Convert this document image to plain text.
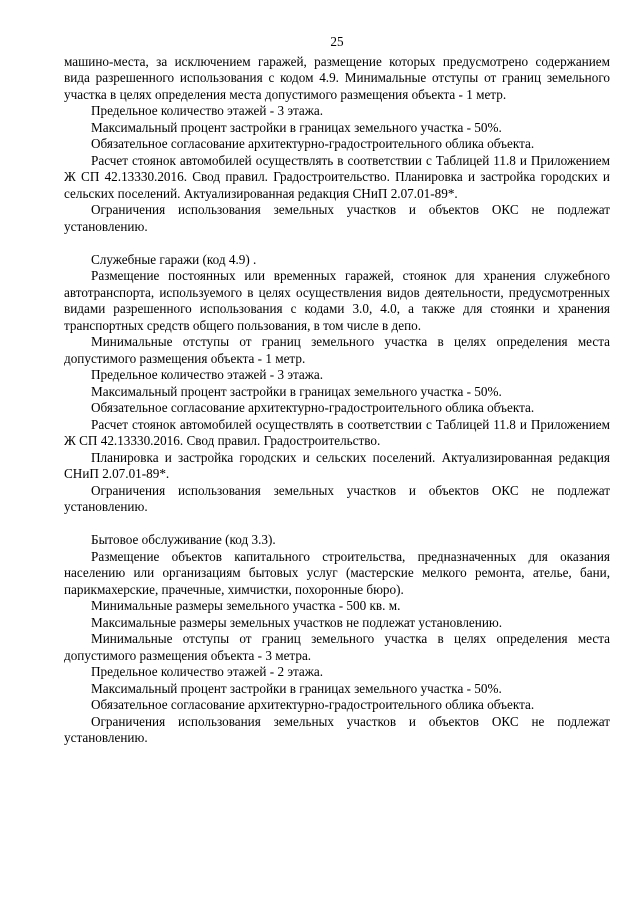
25

машино-места, за исключением гаражей, размещение которых предусмотрено содержанием вида разрешенного использования с кодом 4.9. Минимальные отступы от границ земельного участка в целях определения места допустимого размещения объекта - 1 метр.

Предельное количество этажей - 3 этажа.

Максимальный процент застройки в границах земельного участка - 50%.

Обязательное согласование архитектурно-градостроительного облика объекта.

Расчет стоянок автомобилей осуществлять в соответствии с Таблицей 11.8 и Приложением Ж СП 42.13330.2016. Свод правил. Градостроительство. Планировка и застройка городских и сельских поселений. Актуализированная редакция СНиП 2.07.01-89*.

Ограничения использования земельных участков и объектов ОКС не подлежат установлению.

Служебные гаражи (код 4.9) .

Размещение постоянных или временных гаражей, стоянок для хранения служебного автотранспорта, используемого в целях осуществления видов деятельности, предусмотренных видами разрешенного использования с кодами 3.0, 4.0, а также для стоянки и хранения транспортных средств общего пользования, в том числе в депо.

Минимальные отступы от границ земельного участка в целях определения места допустимого размещения объекта - 1 метр.

Предельное количество этажей - 3 этажа.

Максимальный процент застройки в границах земельного участка - 50%.

Обязательное согласование архитектурно-градостроительного облика объекта.

Расчет стоянок автомобилей осуществлять в соответствии с Таблицей 11.8 и Приложением Ж СП 42.13330.2016. Свод правил. Градостроительство.

Планировка и застройка городских и сельских поселений. Актуализированная редакция СНиП 2.07.01-89*.

Ограничения использования земельных участков и объектов ОКС не подлежат установлению.

Бытовое обслуживание (код 3.3).

Размещение объектов капитального строительства, предназначенных для оказания населению или организациям бытовых услуг (мастерские мелкого ремонта, ателье, бани, парикмахерские, прачечные, химчистки, похоронные бюро).

Минимальные размеры земельного участка - 500 кв. м.

Максимальные размеры земельных участков не подлежат установлению.

Минимальные отступы от границ земельного участка в целях определения места допустимого размещения объекта - 3 метра.

Предельное количество этажей - 2 этажа.

Максимальный процент застройки в границах земельного участка - 50%.

Обязательное согласование архитектурно-градостроительного облика объекта.

Ограничения использования земельных участков и объектов ОКС не подлежат установлению.
